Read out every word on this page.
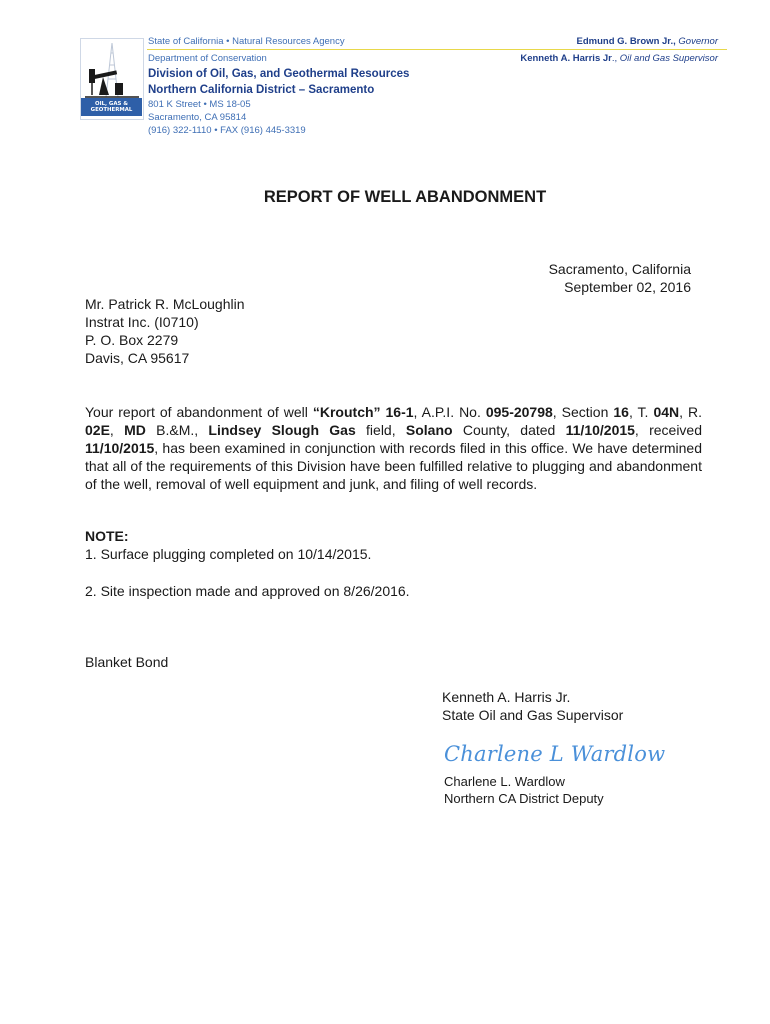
OIL, GAS &
GEOTHERMAL
State of California • Natural Resources Agency
Department of Conservation
Division of Oil, Gas, and Geothermal Resources
Northern California District – Sacramento
801 K Street • MS 18-05
Sacramento, CA 95814
(916) 322-1110 • FAX (916) 445-3319
Edmund G. Brown Jr., Governor
Kenneth A. Harris Jr., Oil and Gas Supervisor
REPORT OF WELL ABANDONMENT
Sacramento, California
September 02, 2016
Mr. Patrick R. McLoughlin
Instrat Inc. (I0710)
P. O. Box 2279
Davis, CA 95617
Your report of abandonment of well “Kroutch” 16-1, A.P.I. No. 095-20798, Section 16, T. 04N, R. 02E, MD B.&M., Lindsey Slough Gas field, Solano County, dated 11/10/2015, received 11/10/2015, has been examined in conjunction with records filed in this office. We have determined that all of the requirements of this Division have been fulfilled relative to plugging and abandonment of the well, removal of well equipment and junk, and filing of well records.
NOTE:
1. Surface plugging completed on 10/14/2015.
2. Site inspection made and approved on 8/26/2016.
Blanket Bond
Kenneth A. Harris Jr.
State Oil and Gas Supervisor
Charlene L Wardlow
Charlene L. Wardlow
Northern CA District Deputy
